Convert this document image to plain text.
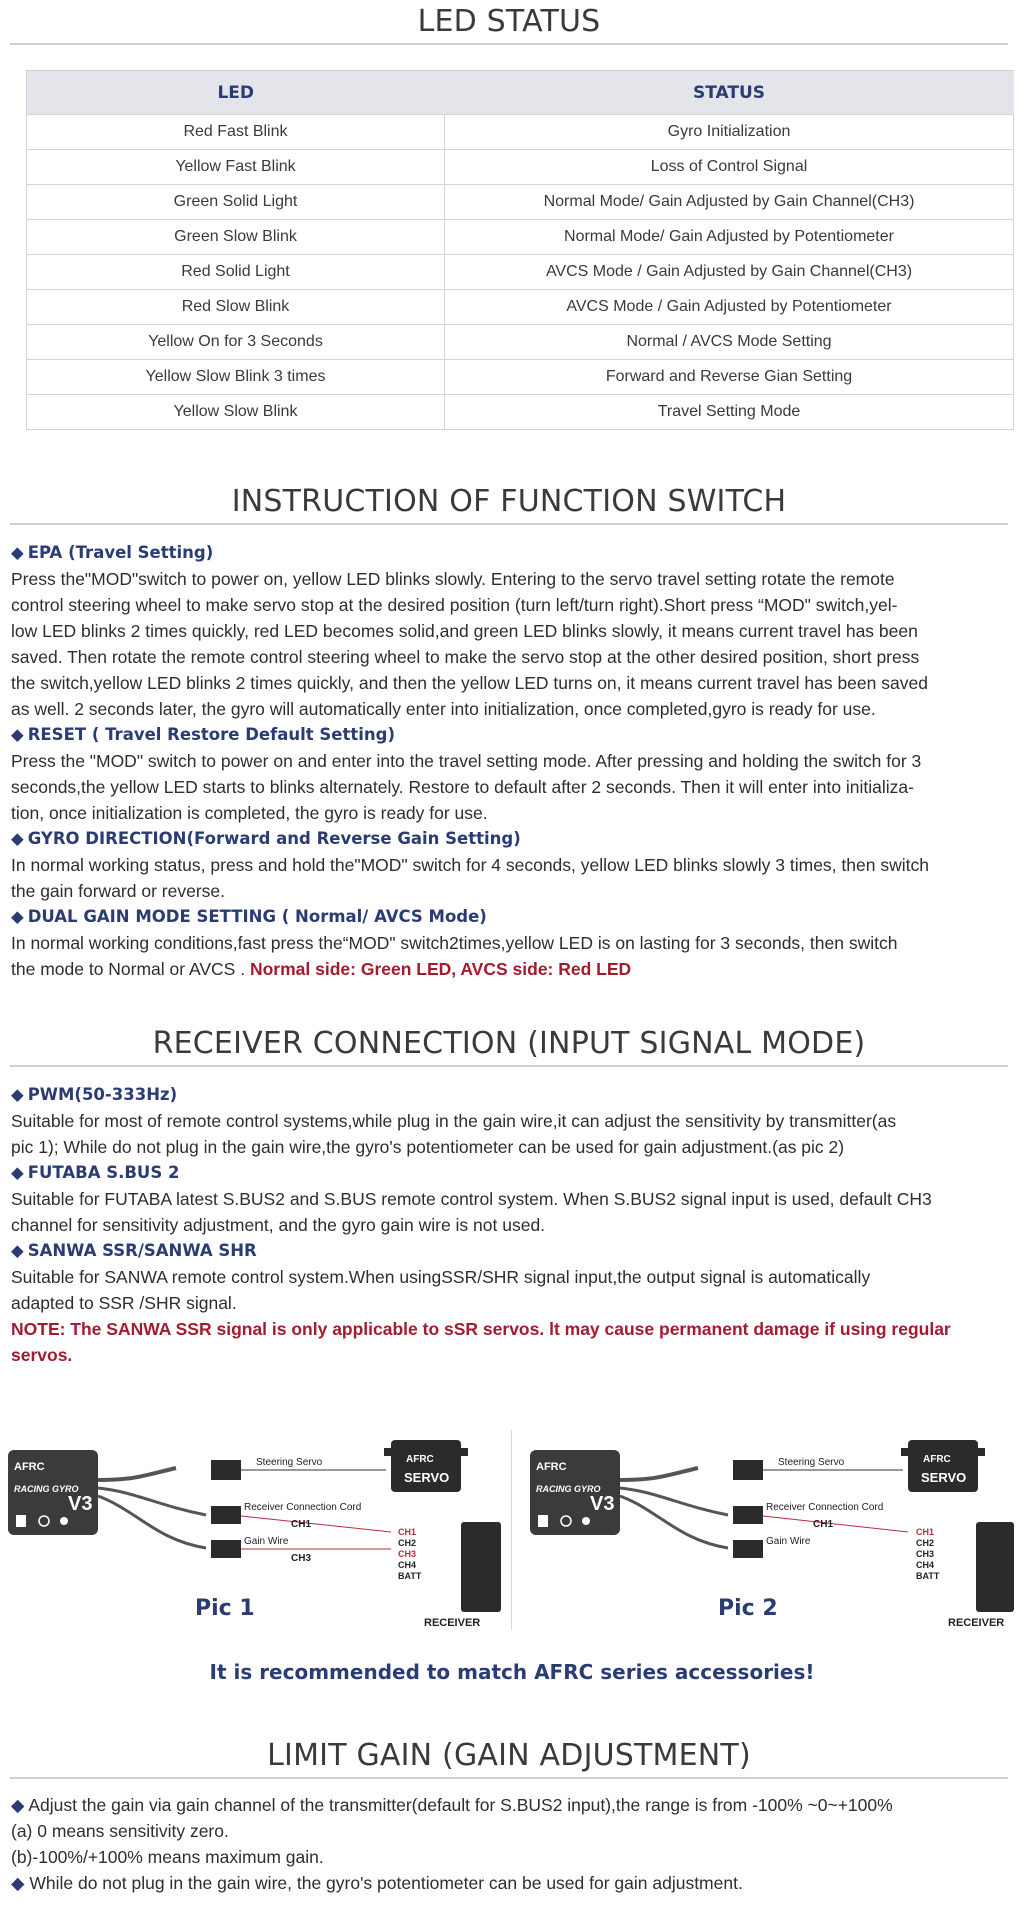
LED STATUS
LED	STATUS
Red Fast Blink	Gyro Initialization
Yellow Fast Blink	Loss of Control Signal
Green Solid Light	Normal Mode/ Gain Adjusted by Gain Channel(CH3)
Green Slow Blink	Normal Mode/ Gain Adjusted by Potentiometer
Red Solid Light	AVCS Mode / Gain Adjusted by Gain Channel(CH3)
Red Slow Blink	AVCS Mode / Gain Adjusted by Potentiometer
Yellow On for 3 Seconds	Normal / AVCS Mode Setting
Yellow Slow Blink 3 times	Forward and Reverse Gian Setting
Yellow Slow Blink	Travel Setting Mode
INSTRUCTION OF FUNCTION SWITCH
◆ EPA (Travel Setting)
Press the"MOD"switch to power on, yellow LED blinks slowly. Entering to the servo travel setting rotate the remote
control steering wheel to make servo stop at the desired position (turn left/turn right).Short press “MOD" switch,yel-
low LED blinks 2 times quickly, red LED becomes solid,and green LED blinks slowly, it means current travel has been
saved. Then rotate the remote control steering wheel to make the servo stop at the other desired position, short press
the switch,yellow LED blinks 2 times quickly, and then the yellow LED turns on, it means current travel has been saved
as well. 2 seconds later, the gyro will automatically enter into initialization, once completed,gyro is ready for use.
◆ RESET ( Travel Restore Default Setting)
Press the "MOD" switch to power on and enter into the travel setting mode. After pressing and holding the switch for 3
seconds,the yellow LED starts to blinks alternately. Restore to default after 2 seconds. Then it will enter into initializa-
tion, once initialization is completed, the gyro is ready for use.
◆ GYRO DIRECTION(Forward and Reverse Gain Setting)
In normal working status, press and hold the"MOD" switch for 4 seconds, yellow LED blinks slowly 3 times, then switch
the gain forward or reverse.
◆ DUAL GAIN MODE SETTING ( Normal/ AVCS Mode)
In normal working conditions,fast press the“MOD" switch2times,yellow LED is on lasting for 3 seconds, then switch
the mode to Normal or AVCS . Normal side: Green LED, AVCS side: Red LED
RECEIVER CONNECTION (INPUT SIGNAL MODE)
◆ PWM(50-333Hz)
Suitable for most of remote control systems,while plug in the gain wire,it can adjust the sensitivity by transmitter(as
pic 1); While do not plug in the gain wire,the gyro's potentiometer can be used for gain adjustment.(as pic 2)
◆ FUTABA S.BUS 2
Suitable for FUTABA latest S.BUS2 and S.BUS remote control system. When S.BUS2 signal input is used, default CH3
channel for sensitivity adjustment, and the gyro gain wire is not used.
◆ SANWA SSR/SANWA SHR
Suitable for SANWA remote control system.When usingSSR/SHR signal input,the output signal is automatically
adapted to SSR /SHR signal.
NOTE: The SANWA SSR signal is only applicable to sSR servos. lt may cause permanent damage if using regular
servos.
AFRC
RACING GYRO
V3
AFRC
SERVO
Steering Servo
Receiver Connection Cord
CH1
Gain Wire
CH3
CH1
CH2
CH3
CH4
BATT
RECEIVER
Pic 1
AFRC
RACING GYRO
V3
AFRC
SERVO
Steering Servo
Receiver Connection Cord
CH1
Gain Wire
CH1
CH2
CH3
CH4
BATT
RECEIVER
Pic 2
It is recommended to match AFRC series accessories!
LIMIT GAIN (GAIN ADJUSTMENT)
◆ Adjust the gain via gain channel of the transmitter(default for S.BUS2 input),the range is from -100% ~0~+100%
(a) 0 means sensitivity zero.
(b)-100%/+100% means maximum gain.
◆ While do not plug in the gain wire, the gyro's potentiometer can be used for gain adjustment.
